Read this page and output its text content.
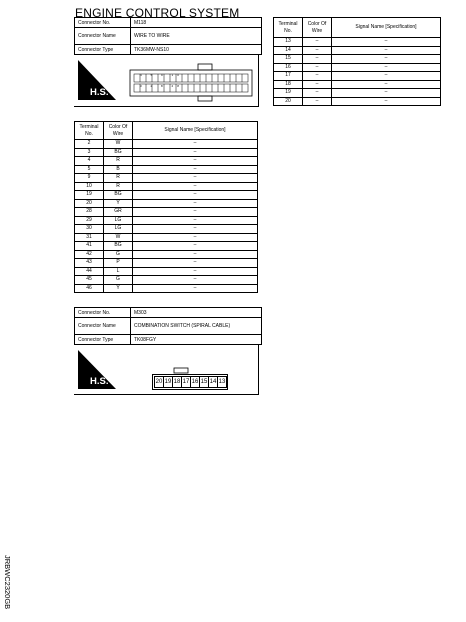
ENGINE CONTROL SYSTEM
Connector No.	M118
Connector Name	WIRE TO WIRE
Connector Type	TK36MW-NS10
H.S.
4 5 9 10
3 2 8 28
Terminal No.	Color Of Wire	Signal Name [Specification]
13	–	–
14	–	–
15	–	–
16	–	–
17	–	–
18	–	–
19	–	–
20	–	–
Terminal No.	Color Of Wire	Signal Name [Specification]
2	W	–
3	BG	–
4	R	–
5	B	–
9	R	–
10	R	–
19	BG	–
20	Y	–
28	GR	–
29	LG	–
30	LG	–
31	W	–
41	BG	–
42	G	–
43	P	–
44	L	–
45	G	–
46	Y	–
Connector No.	M303
Connector Name	COMBINATION SWITCH (SPIRAL CABLE)
Connector Type	TK08FGY
H.S.	20 19 18 17 16 15 14 13
JRBWC2320GB
